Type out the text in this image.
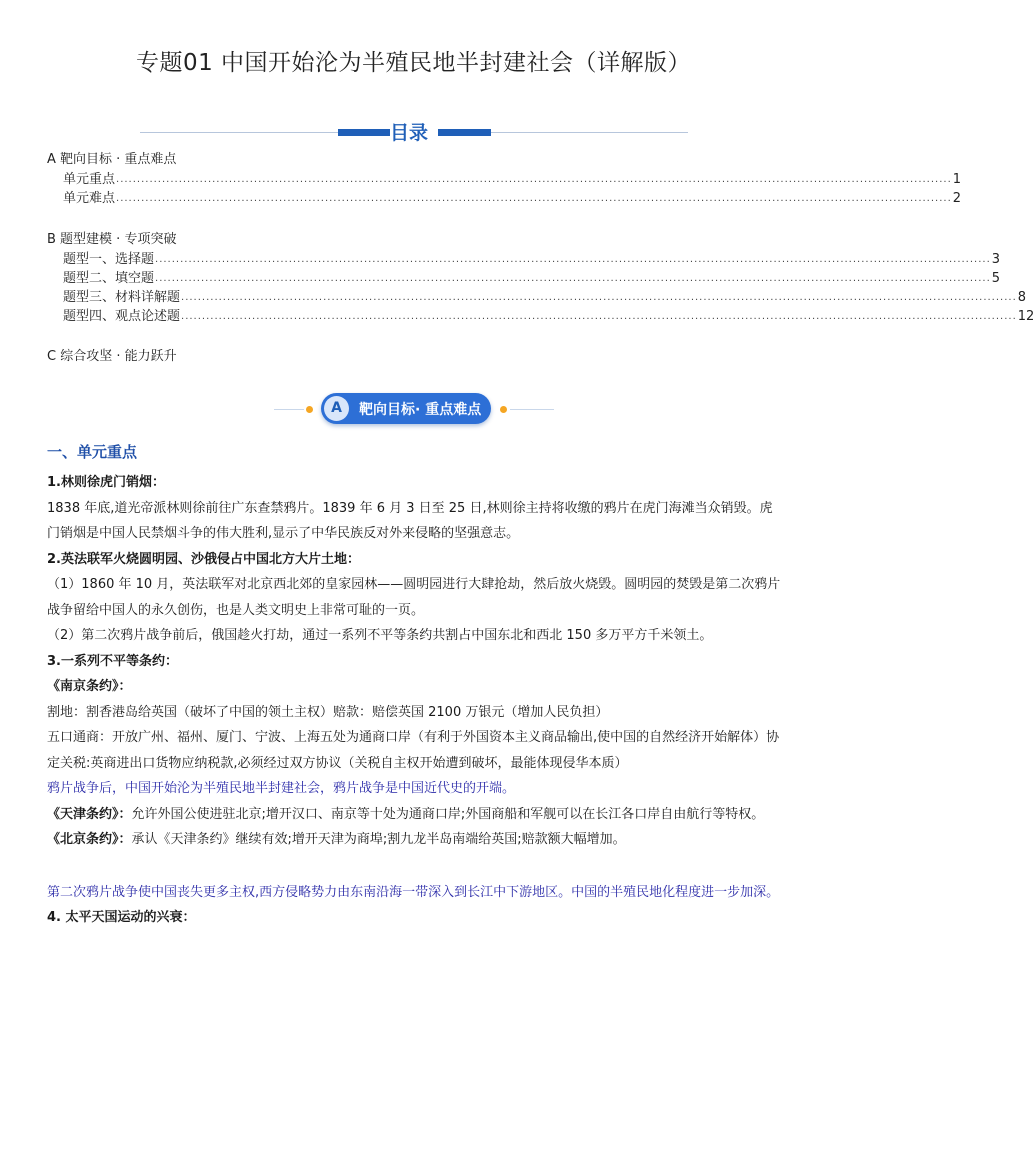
专题01 中国开始沦为半殖民地半封建社会（详解版）
目录
A 靶向目标 · 重点难点
单元重点 ........................................................................................................................................................................................................ 1
单元难点 ........................................................................................................................................................................................................ 2
B 题型建模 · 专项突破
题型一、选择题 ........................................................................................................................................................................................................ 3
题型二、填空题 ........................................................................................................................................................................................................ 5
题型三、材料详解题 ........................................................................................................................................................................................................ 8
题型四、观点论述题 ........................................................................................................................................................................................................ 12
C 综合攻坚 · 能力跃升
A	靶向目标· 重点难点
一、单元重点

1.林则徐虎门销烟：

1838 年底,道光帝派林则徐前往广东查禁鸦片。1839 年 6 月 3 日至 25 日,林则徐主持将收缴的鸦片在虎门海滩当众销毁。虎门销烟是中国人民禁烟斗争的伟大胜利,显示了中华民族反对外来侵略的坚强意志。

2.英法联军火烧圆明园、沙俄侵占中国北方大片土地：

（1）1860 年 10 月，英法联军对北京西北郊的皇家园林——圆明园进行大肆抢劫，然后放火烧毁。圆明园的焚毁是第二次鸦片战争留给中国人的永久创伤，也是人类文明史上非常可耻的一页。

（2）第二次鸦片战争前后，俄国趁火打劫，通过一系列不平等条约共割占中国东北和西北 150 多万平方千米领土。

3.一系列不平等条约：

《南京条约》：

割地：割香港岛给英国（破坏了中国的领土主权）赔款：赔偿英国 2100 万银元（增加人民负担）

五口通商：开放广州、福州、厦门、宁波、上海五处为通商口岸（有利于外国资本主义商品输出,使中国的自然经济开始解体）协定关税:英商进出口货物应纳税款,必须经过双方协议（关税自主权开始遭到破坏，最能体现侵华本质）

鸦片战争后，中国开始沦为半殖民地半封建社会，鸦片战争是中国近代史的开端。

《天津条约》：允许外国公使进驻北京;增开汉口、南京等十处为通商口岸;外国商船和军舰可以在长江各口岸自由航行等特权。

《北京条约》：承认《天津条约》继续有效;增开天津为商埠;割九龙半岛南端给英国;赔款额大幅增加。

第二次鸦片战争使中国丧失更多主权,西方侵略势力由东南沿海一带深入到长江中下游地区。中国的半殖民地化程度进一步加深。

4. 太平天国运动的兴衰：
